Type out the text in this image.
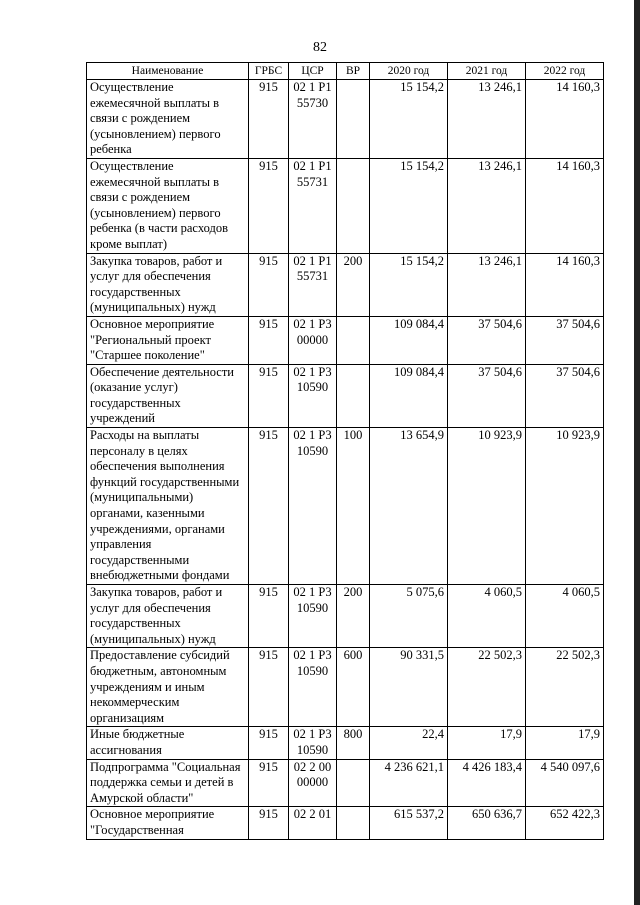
82
Наименование	ГРБС	ЦСР	ВР	2020 год	2021 год	2022 год
Осуществление ежемесячной выплаты в связи с рождением (усыновлением) первого ребенка	915	02 1 P1 55730		15 154,2	13 246,1	14 160,3
Осуществление ежемесячной выплаты в связи с рождением (усыновлением) первого ребенка (в части расходов кроме выплат)	915	02 1 P1 55731		15 154,2	13 246,1	14 160,3
Закупка товаров, работ и услуг для обеспечения государственных (муниципальных) нужд	915	02 1 P1 55731	200	15 154,2	13 246,1	14 160,3
Основное мероприятие "Региональный проект "Старшее поколение"	915	02 1 P3 00000		109 084,4	37 504,6	37 504,6
Обеспечение деятельности (оказание услуг) государственных учреждений	915	02 1 P3 10590		109 084,4	37 504,6	37 504,6
Расходы на выплаты персоналу в целях обеспечения выполнения функций государственными (муниципальными) органами, казенными учреждениями, органами управления государственными внебюджетными фондами	915	02 1 P3 10590	100	13 654,9	10 923,9	10 923,9
Закупка товаров, работ и услуг для обеспечения государственных (муниципальных) нужд	915	02 1 P3 10590	200	5 075,6	4 060,5	4 060,5
Предоставление субсидий бюджетным, автономным учреждениям и иным некоммерческим организациям	915	02 1 P3 10590	600	90 331,5	22 502,3	22 502,3
Иные бюджетные ассигнования	915	02 1 P3 10590	800	22,4	17,9	17,9
Подпрограмма "Социальная поддержка семьи и детей в Амурской области"	915	02 2 00 00000		4 236 621,1	4 426 183,4	4 540 097,6
Основное мероприятие "Государственная	915	02 2 01		615 537,2	650 636,7	652 422,3
